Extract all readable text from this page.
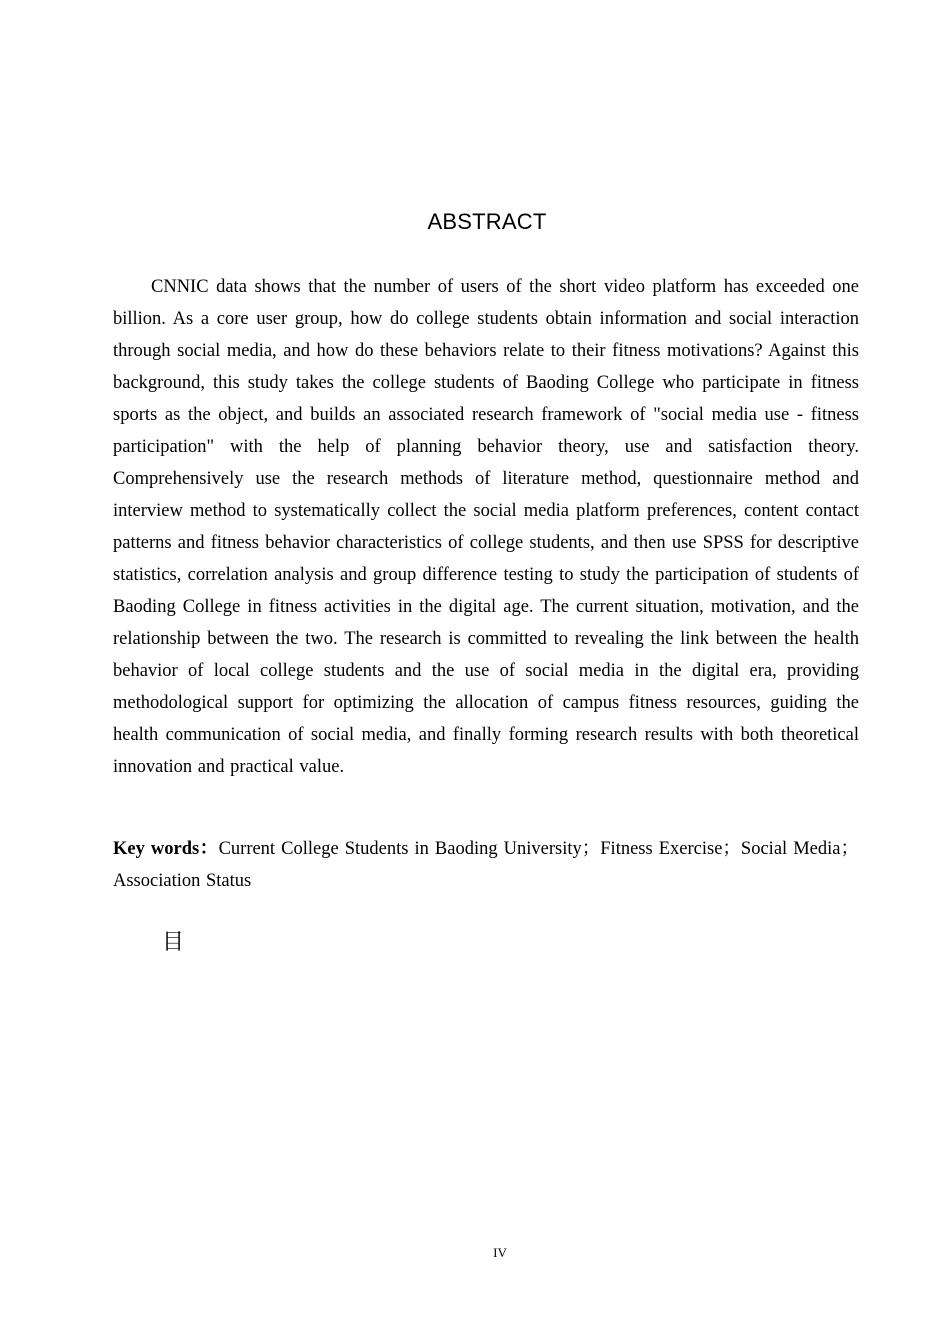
ABSTRACT

CNNIC data shows that the number of users of the short video platform has exceeded one billion. As a core user group, how do college students obtain information and social interaction through social media, and how do these behaviors relate to their fitness motivations? Against this background, this study takes the college students of Baoding College who participate in fitness sports as the object, and builds an associated research framework of "social media use - fitness participation" with the help of planning behavior theory, use and satisfaction theory. Comprehensively use the research methods of literature method, questionnaire method and interview method to systematically collect the social media platform preferences, content contact patterns and fitness behavior characteristics of college students, and then use SPSS for descriptive statistics, correlation analysis and group difference testing to study the participation of students of Baoding College in fitness activities in the digital age. The current situation, motivation, and the relationship between the two. The research is committed to revealing the link between the health behavior of local college students and the use of social media in the digital era, providing methodological support for optimizing the allocation of campus fitness resources, guiding the health communication of social media, and finally forming research results with both theoretical innovation and practical value.

Key words：Current College Students in Baoding University；Fitness Exercise；Social Media；Association Status

目
IV
